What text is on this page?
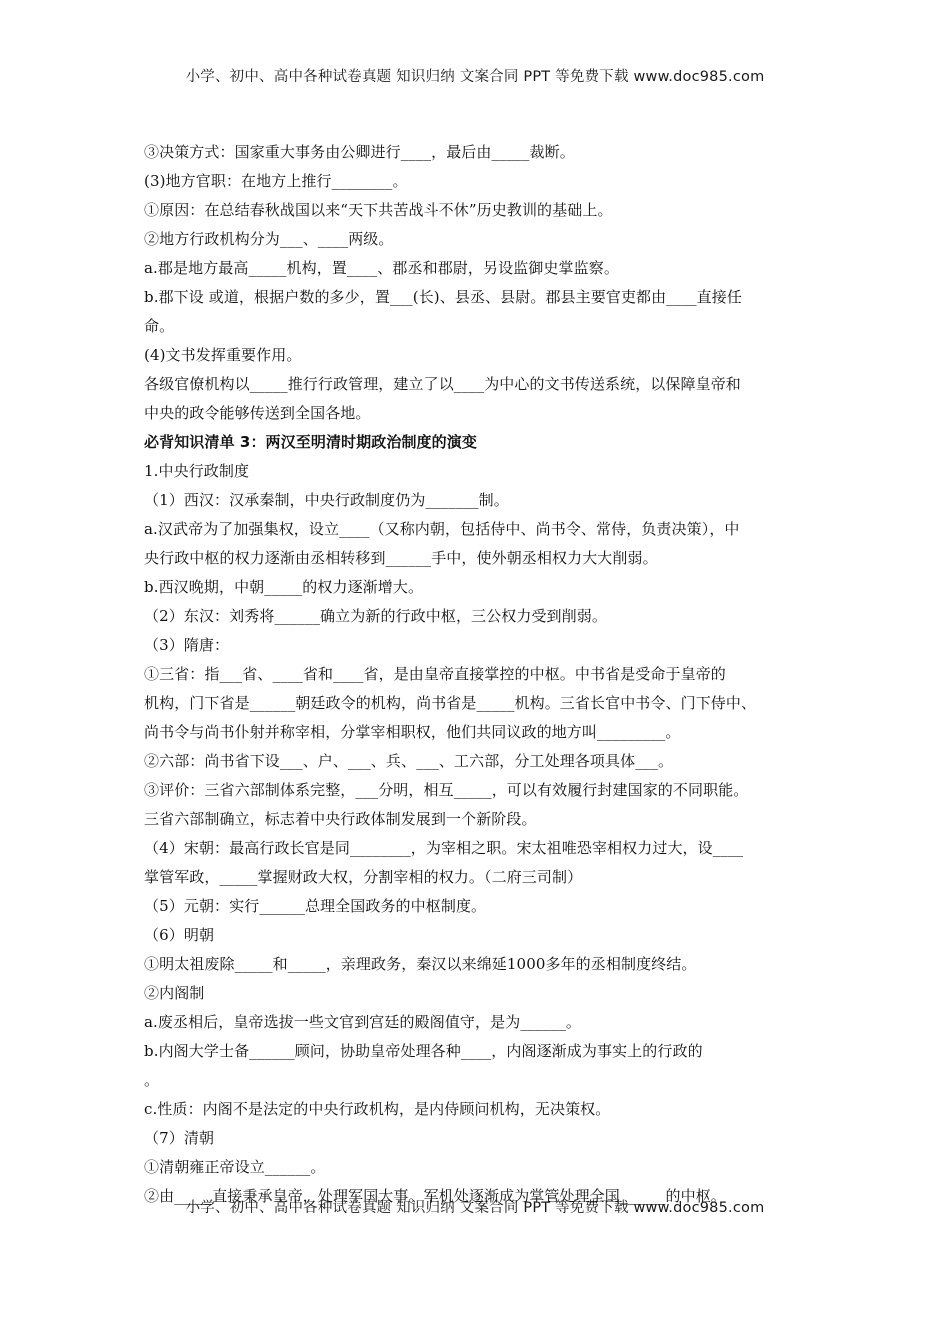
小学、初中、高中各种试卷真题 知识归纳 文案合同 PPT 等免费下载 www.doc985.com
③决策方式：国家重大事务由公卿进行____，最后由_____裁断。
(3)地方官职：在地方上推行________。
①原因：在总结春秋战国以来“天下共苦战斗不休”历史教训的基础上。
②地方行政机构分为___、____两级。
a.郡是地方最高_____机构，置____、郡丞和郡尉，另设监御史掌监察。
b.郡下设 或道，根据户数的多少，置___(长)、县丞、县尉。郡县主要官吏都由____直接任
命。
(4)文书发挥重要作用。
各级官僚机构以_____推行行政管理，建立了以____为中心的文书传送系统，以保障皇帝和
中央的政令能够传送到全国各地。
必背知识清单 3：两汉至明清时期政治制度的演变
1.中央行政制度
（1）西汉：汉承秦制，中央行政制度仍为_______制。
a.汉武帝为了加强集权，设立____（又称内朝，包括侍中、尚书令、常侍，负责决策），中
央行政中枢的权力逐渐由丞相转移到______手中，使外朝丞相权力大大削弱。
b.西汉晚期，中朝_____的权力逐渐增大。
（2）东汉：刘秀将______确立为新的行政中枢，三公权力受到削弱。
（3）隋唐：
①三省：指___省、____省和____省，是由皇帝直接掌控的中枢。中书省是受命于皇帝的
机构，门下省是______朝廷政令的机构，尚书省是_____机构。三省长官中书令、门下侍中、
尚书令与尚书仆射并称宰相，分掌宰相职权，他们共同议政的地方叫_________。
②六部：尚书省下设___、户、___、兵、___、工六部，分工处理各项具体___。
③评价：三省六部制体系完整，___分明，相互_____，可以有效履行封建国家的不同职能。
三省六部制确立，标志着中央行政体制发展到一个新阶段。
（4）宋朝：最高行政长官是同________，为宰相之职。宋太祖唯恐宰相权力过大，设____
掌管军政，_____掌握财政大权，分割宰相的权力。（二府三司制）
（5）元朝：实行______总理全国政务的中枢制度。
（6）明朝
①明太祖废除_____和_____，亲理政务，秦汉以来绵延1000多年的丞相制度终结。
②内阁制
a.废丞相后，皇帝选拔一些文官到宫廷的殿阁值守，是为______。
b.内阁大学士备______顾问，协助皇帝处理各种____，内阁逐渐成为事实上的行政的
。
c.性质：内阁不是法定的中央行政机构，是内侍顾问机构，无决策权。
（7）清朝
①清朝雍正帝设立______。
②由_____直接秉承皇帝，处理军国大事。军机处逐渐成为掌管处理全国______的中枢。
小学、初中、高中各种试卷真题 知识归纳 文案合同 PPT 等免费下载 www.doc985.com
